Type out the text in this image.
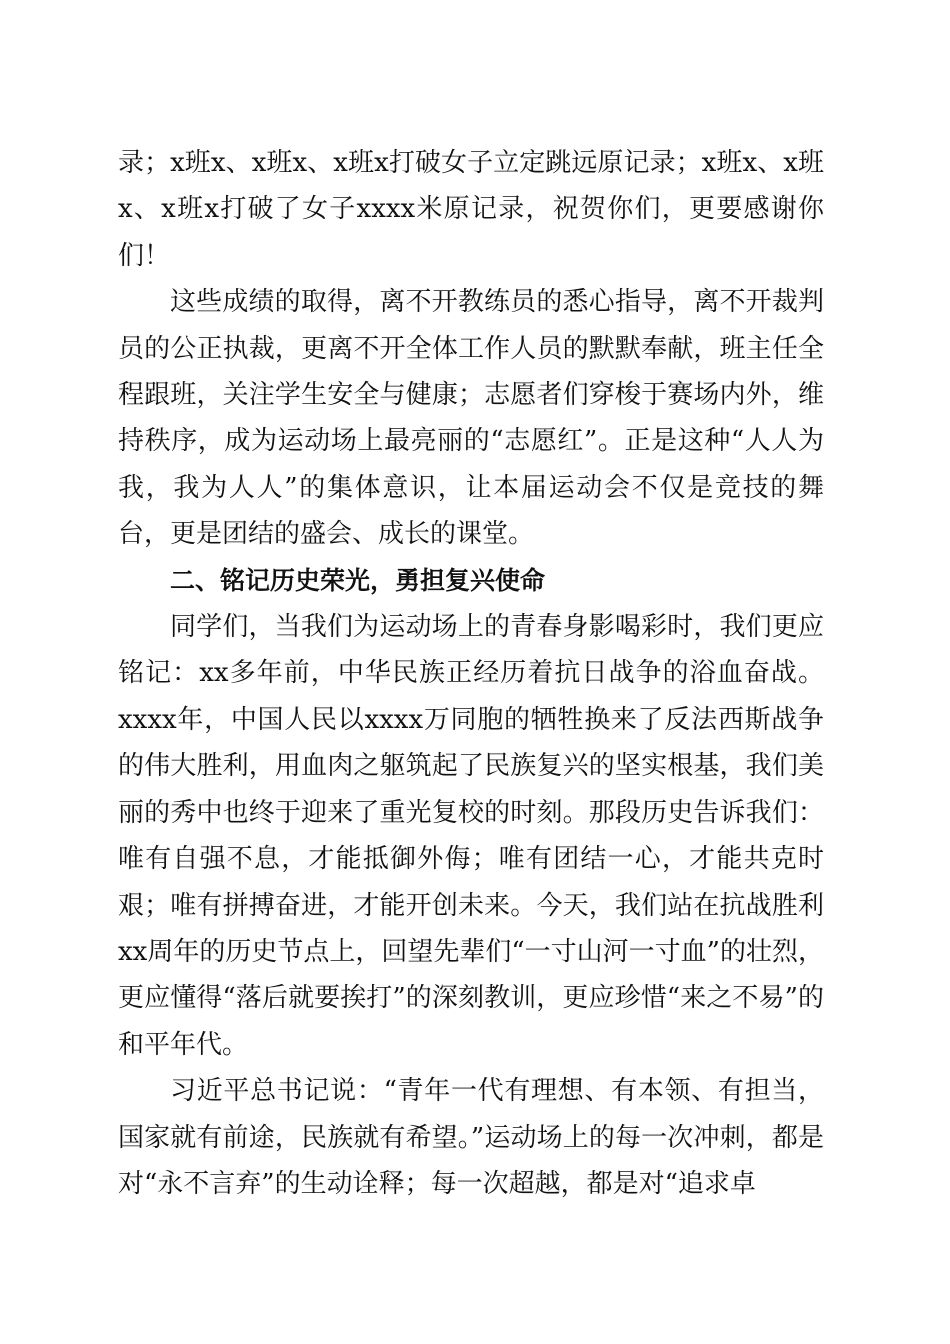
录；x班x、x班x、x班x打破女子立定跳远原记录；x班x、x班x、x班x打破了女子xxxx米原记录，祝贺你们，更要感谢你们！

这些成绩的取得，离不开教练员的悉心指导，离不开裁判员的公正执裁，更离不开全体工作人员的默默奉献，班主任全程跟班，关注学生安全与健康；志愿者们穿梭于赛场内外，维持秩序，成为运动场上最亮丽的“志愿红”。正是这种“人人为我，我为人人”的集体意识，让本届运动会不仅是竞技的舞台，更是团结的盛会、成长的课堂。

二、铭记历史荣光，勇担复兴使命

同学们，当我们为运动场上的青春身影喝彩时，我们更应铭记：xx多年前，中华民族正经历着抗日战争的浴血奋战。xxxx年，中国人民以xxxx万同胞的牺牲换来了反法西斯战争的伟大胜利，用血肉之躯筑起了民族复兴的坚实根基，我们美丽的秀中也终于迎来了重光复校的时刻。那段历史告诉我们：唯有自强不息，才能抵御外侮；唯有团结一心，才能共克时艰；唯有拼搏奋进，才能开创未来。今天，我们站在抗战胜利xx周年的历史节点上，回望先辈们“一寸山河一寸血”的壮烈，更应懂得“落后就要挨打”的深刻教训，更应珍惜“来之不易”的和平年代。

习近平总书记说：“青年一代有理想、有本领、有担当，国家就有前途，民族就有希望。”运动场上的每一次冲刺，都是对“永不言弃”的生动诠释；每一次超越，都是对“追求卓
